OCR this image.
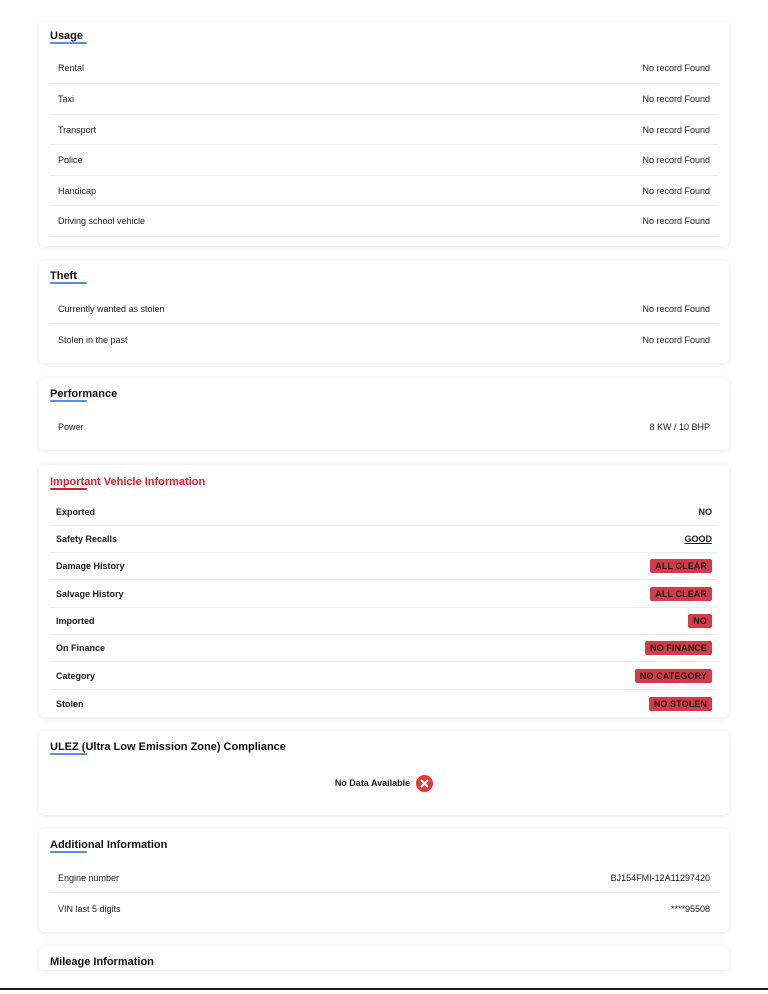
Usage
Rental	No record Found
Taxi	No record Found
Transport	No record Found
Police	No record Found
Handicap	No record Found
Driving school vehicle	No record Found
Theft
Currently wanted as stolen	No record Found
Stolen in the past	No record Found
Performance
Power	8 KW / 10 BHP
Important Vehicle Information
Exported	NO
Safety Recalls	GOOD
Damage History	ALL CLEAR
Salvage History	ALL CLEAR
Imported	NO
On Finance	NO FINANCE
Category	NO CATEGORY
Stolen	NO STOLEN
ULEZ (Ultra Low Emission Zone) Compliance
No Data Available
Additional Information
Engine number	BJ154FMI-12A11297420
VIN last 5 digits	****95508
Mileage Information
